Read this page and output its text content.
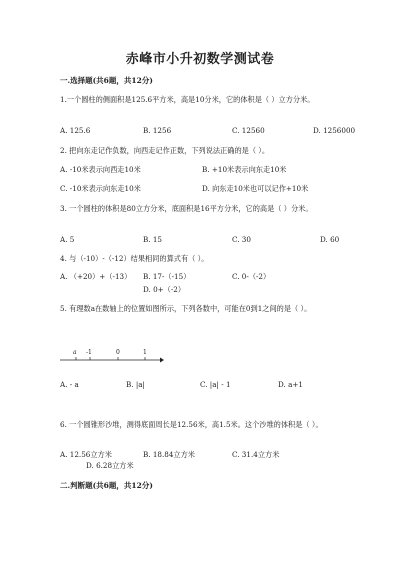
赤峰市小升初数学测试卷
一.选择题(共6题，共12分)
1.一个圆柱的侧面积是125.6平方米，高是10分米，它的体积是（ ）立方分米。
A. 125.6	B. 1256	C. 12560	D. 1256000
2. 把向东走记作负数，向西走记作正数，下列说法正确的是（ ）。
A. -10米表示向西走10米	B. +10米表示向东走10米
C. -10米表示向东走10米	D. 向东走10米也可以记作+10米
3. 一个圆柱的体积是80立方分米，底面积是16平方分米，它的高是（ ）分米。
A. 5	B. 15	C. 30	D. 60
4. 与（-10）-（-12）结果相同的算式有（ ）。
A. （+20）+（-13） B. 17-（-15）	C. 0-（-2）
D. 0+（-2）
5. 有理数a在数轴上的位置如图所示，下列各数中，可能在0到1之间的是（ ）。
a -1	0	1
A. - a	B. |a|	C. |a| - 1	D. a+1
6. 一个圆锥形沙堆，测得底面周长是12.56米，高1.5米。这个沙堆的体积是（ ）。
A. 12.56立方米	B. 18.84立方米	C. 31.4立方米
D. 6.28立方米
二.判断题(共6题，共12分)
